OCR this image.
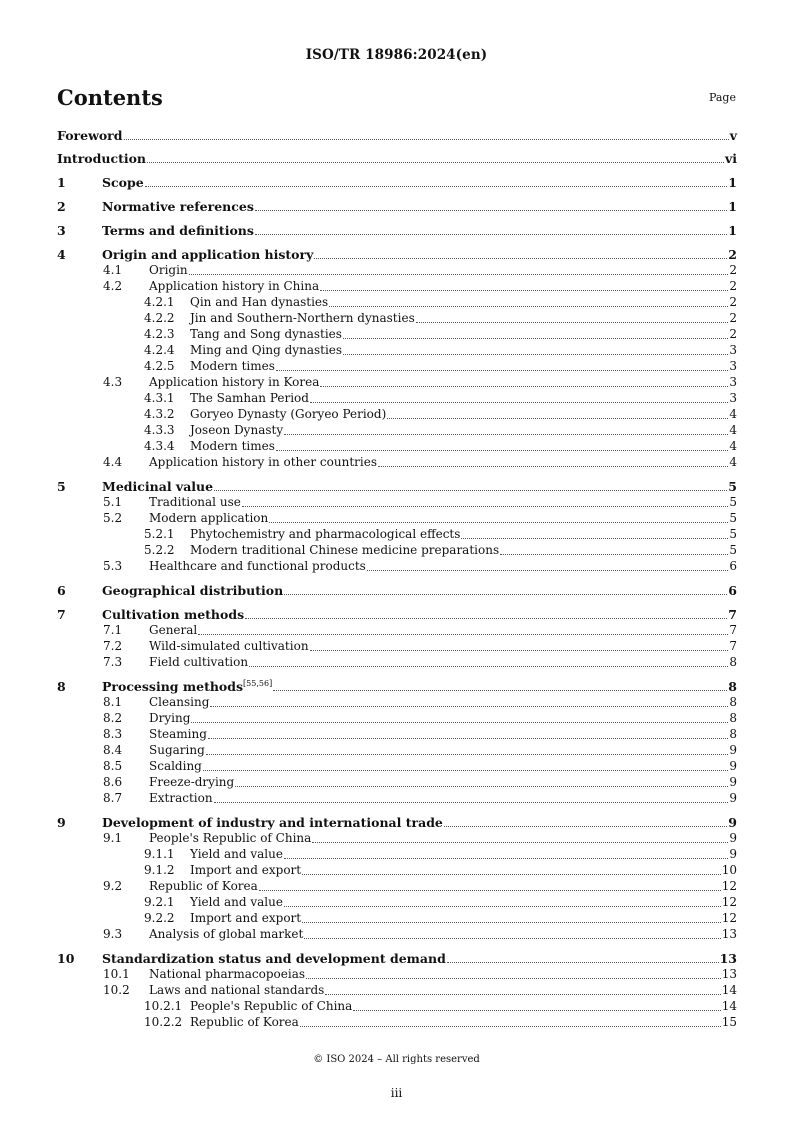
ISO/TR 18986:2024(en)
Contents	Page
Foreword	v
Introduction	vi
1	Scope	1
2	Normative references	1
3	Terms and definitions	1
4	Origin and application history	2
4.1	Origin	2
4.2	Application history in China	2
4.2.1	Qin and Han dynasties	2
4.2.2	Jin and Southern-Northern dynasties	2
4.2.3	Tang and Song dynasties	2
4.2.4	Ming and Qing dynasties	3
4.2.5	Modern times	3
4.3	Application history in Korea	3
4.3.1	The Samhan Period	3
4.3.2	Goryeo Dynasty (Goryeo Period)	4
4.3.3	Joseon Dynasty	4
4.3.4	Modern times	4
4.4	Application history in other countries	4
5	Medicinal value	5
5.1	Traditional use	5
5.2	Modern application	5
5.2.1	Phytochemistry and pharmacological effects	5
5.2.2	Modern traditional Chinese medicine preparations	5
5.3	Healthcare and functional products	6
6	Geographical distribution	6
7	Cultivation methods	7
7.1	General	7
7.2	Wild-simulated cultivation	7
7.3	Field cultivation	8
8	Processing methods[55,56]	8
8.1	Cleansing	8
8.2	Drying	8
8.3	Steaming	8
8.4	Sugaring	9
8.5	Scalding	9
8.6	Freeze-drying	9
8.7	Extraction	9
9	Development of industry and international trade	9
9.1	People's Republic of China	9
9.1.1	Yield and value	9
9.1.2	Import and export	10
9.2	Republic of Korea	12
9.2.1	Yield and value	12
9.2.2	Import and export	12
9.3	Analysis of global market	13
10	Standardization status and development demand	13
10.1	National pharmacopoeias	13
10.2	Laws and national standards	14
10.2.1 People's Republic of China	14
10.2.2 Republic of Korea	15
© ISO 2024 – All rights reserved
iii
